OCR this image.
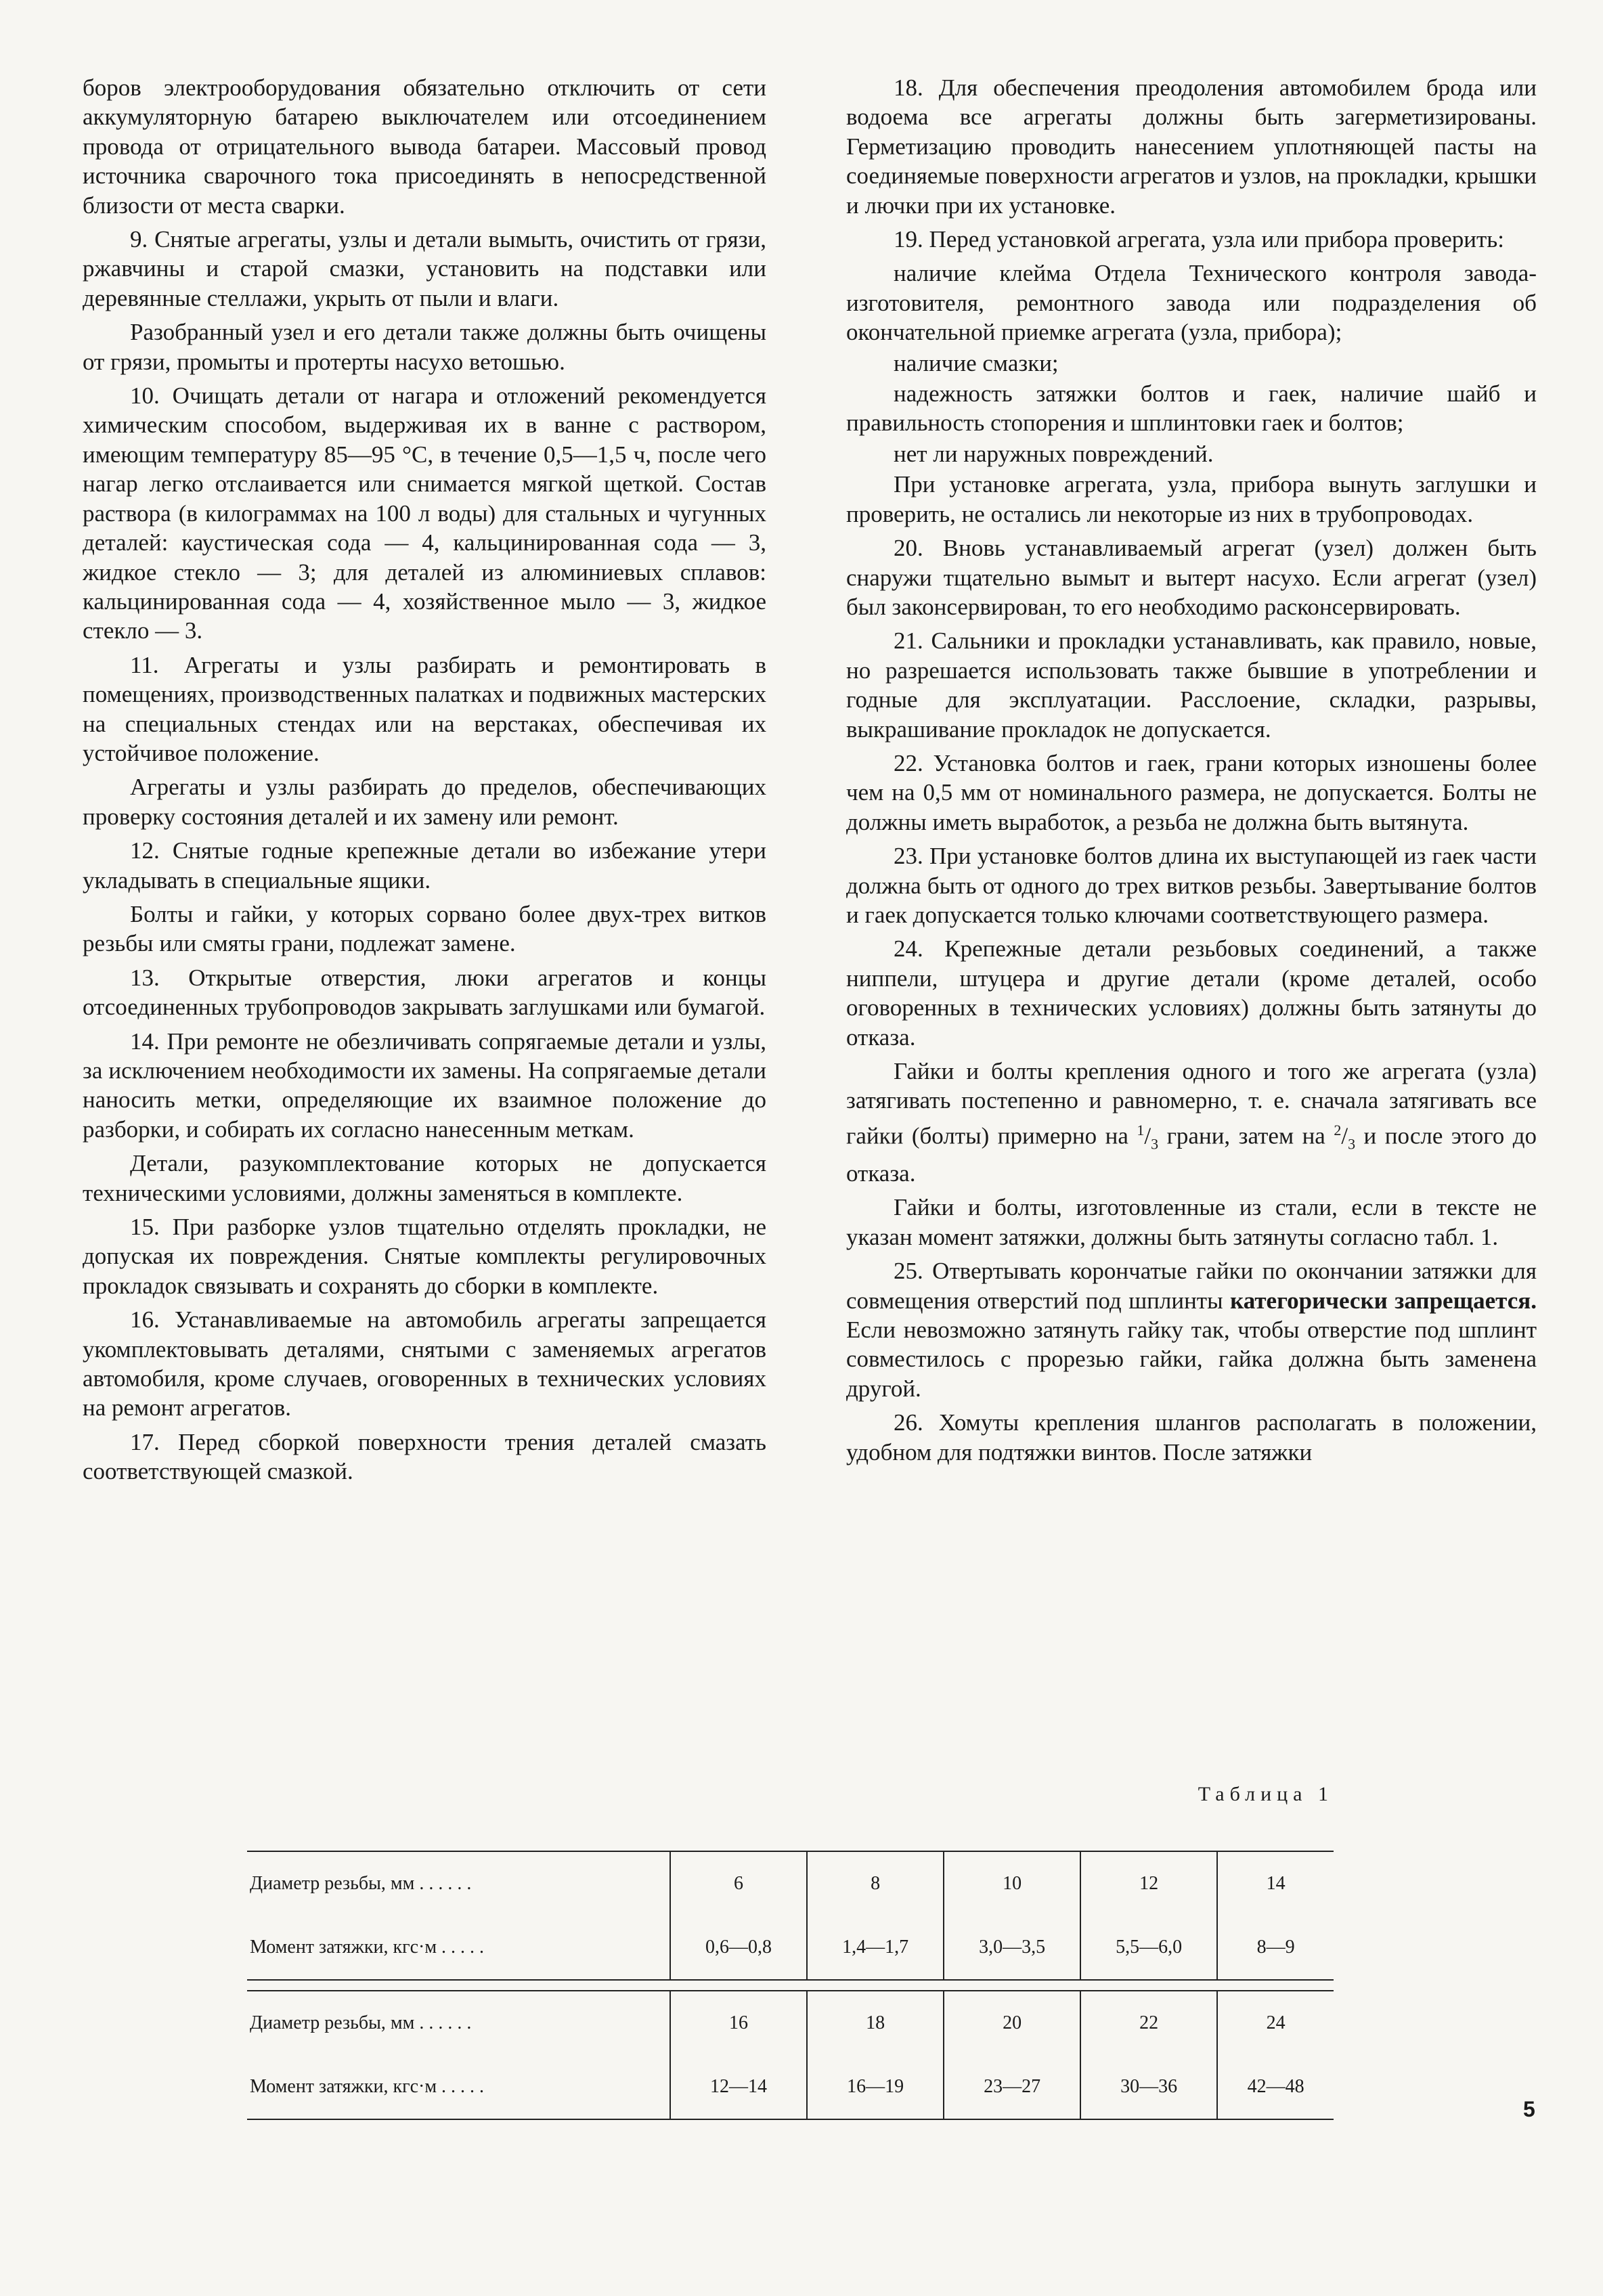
боров электрооборудования обязательно отключить от сети аккумуляторную батарею выключателем или отсоединением провода от отрицательного вывода батареи. Массовый провод источника сварочного тока присоединять в непосредственной близости от места сварки.

9. Снятые агрегаты, узлы и детали вымыть, очистить от грязи, ржавчины и старой смазки, установить на подставки или деревянные стеллажи, укрыть от пыли и влаги.

Разобранный узел и его детали также должны быть очищены от грязи, промыты и протерты насухо ветошью.

10. Очищать детали от нагара и отложений рекомендуется химическим способом, выдерживая их в ванне с раствором, имеющим температуру 85—95 °С, в течение 0,5—1,5 ч, после чего нагар легко отслаивается или снимается мягкой щеткой. Состав раствора (в килограммах на 100 л воды) для стальных и чугунных деталей: каустическая сода — 4, кальцинированная сода — 3, жидкое стекло — 3; для деталей из алюминиевых сплавов: кальцинированная сода — 4, хозяйственное мыло — 3, жидкое стекло — 3.

11. Агрегаты и узлы разбирать и ремонтировать в помещениях, производственных палатках и подвижных мастерских на специальных стендах или на верстаках, обеспечивая их устойчивое положение.

Агрегаты и узлы разбирать до пределов, обеспечивающих проверку состояния деталей и их замену или ремонт.

12. Снятые годные крепежные детали во избежание утери укладывать в специальные ящики.

Болты и гайки, у которых сорвано более двух-трех витков резьбы или смяты грани, подлежат замене.

13. Открытые отверстия, люки агрегатов и концы отсоединенных трубопроводов закрывать заглушками или бумагой.

14. При ремонте не обезличивать сопрягаемые детали и узлы, за исключением необходимости их замены. На сопрягаемые детали наносить метки, определяющие их взаимное положение до разборки, и собирать их согласно нанесенным меткам.

Детали, разукомплектование которых не допускается техническими условиями, должны заменяться в комплекте.

15. При разборке узлов тщательно отделять прокладки, не допуская их повреждения. Снятые комплекты регулировочных прокладок связывать и сохранять до сборки в комплекте.

16. Устанавливаемые на автомобиль агрегаты запрещается укомплектовывать деталями, снятыми с заменяемых агрегатов автомобиля, кроме случаев, оговоренных в технических условиях на ремонт агрегатов.

17. Перед сборкой поверхности трения деталей смазать соответствующей смазкой.

18. Для обеспечения преодоления автомобилем брода или водоема все агрегаты должны быть загерметизированы. Герметизацию проводить нанесением уплотняющей пасты на соединяемые поверхности агрегатов и узлов, на прокладки, крышки и лючки при их установке.

19. Перед установкой агрегата, узла или прибора проверить:

наличие клейма Отдела Технического контроля завода-изготовителя, ремонтного завода или подразделения об окончательной приемке агрегата (узла, прибора);

наличие смазки;

надежность затяжки болтов и гаек, наличие шайб и правильность стопорения и шплинтовки гаек и болтов;

нет ли наружных повреждений.

При установке агрегата, узла, прибора вынуть заглушки и проверить, не остались ли некоторые из них в трубопроводах.

20. Вновь устанавливаемый агрегат (узел) должен быть снаружи тщательно вымыт и вытерт насухо. Если агрегат (узел) был законсервирован, то его необходимо расконсервировать.

21. Сальники и прокладки устанавливать, как правило, новые, но разрешается использовать также бывшие в употреблении и годные для эксплуатации. Расслоение, складки, разрывы, выкрашивание прокладок не допускается.

22. Установка болтов и гаек, грани которых изношены более чем на 0,5 мм от номинального размера, не допускается. Болты не должны иметь выработок, а резьба не должна быть вытянута.

23. При установке болтов длина их выступающей из гаек части должна быть от одного до трех витков резьбы. Завертывание болтов и гаек допускается только ключами соответствующего размера.

24. Крепежные детали резьбовых соединений, а также ниппели, штуцера и другие детали (кроме деталей, особо оговоренных в технических условиях) должны быть затянуты до отказа.

Гайки и болты крепления одного и того же агрегата (узла) затягивать постепенно и равномерно, т. е. сначала затягивать все гайки (болты) примерно на $^1/_3$ грани, затем на $^2/_3$ и после этого до отказа.

Гайки и болты, изготовленные из стали, если в тексте не указан момент затяжки, должны быть затянуты согласно табл. 1.

25. Отвертывать корончатые гайки по окончании затяжки для совмещения отверстий под шплинты категорически запрещается. Если невозможно затянуть гайку так, чтобы отверстие под шплинт совместилось с прорезью гайки, гайка должна быть заменена другой.

26. Хомуты крепления шлангов располагать в положении, удобном для подтяжки винтов. После затяжки

Таблица 1
Диаметр резьбы, мм . . . . . .	6	8	10	12	14
Момент затяжки, кгс·м . . . . .	0,6—0,8	1,4—1,7	3,0—3,5	5,5—6,0	8—9

Диаметр резьбы, мм . . . . . .	16	18	20	22	24
Момент затяжки, кгс·м . . . . .	12—14	16—19	23—27	30—36	42—48
5
